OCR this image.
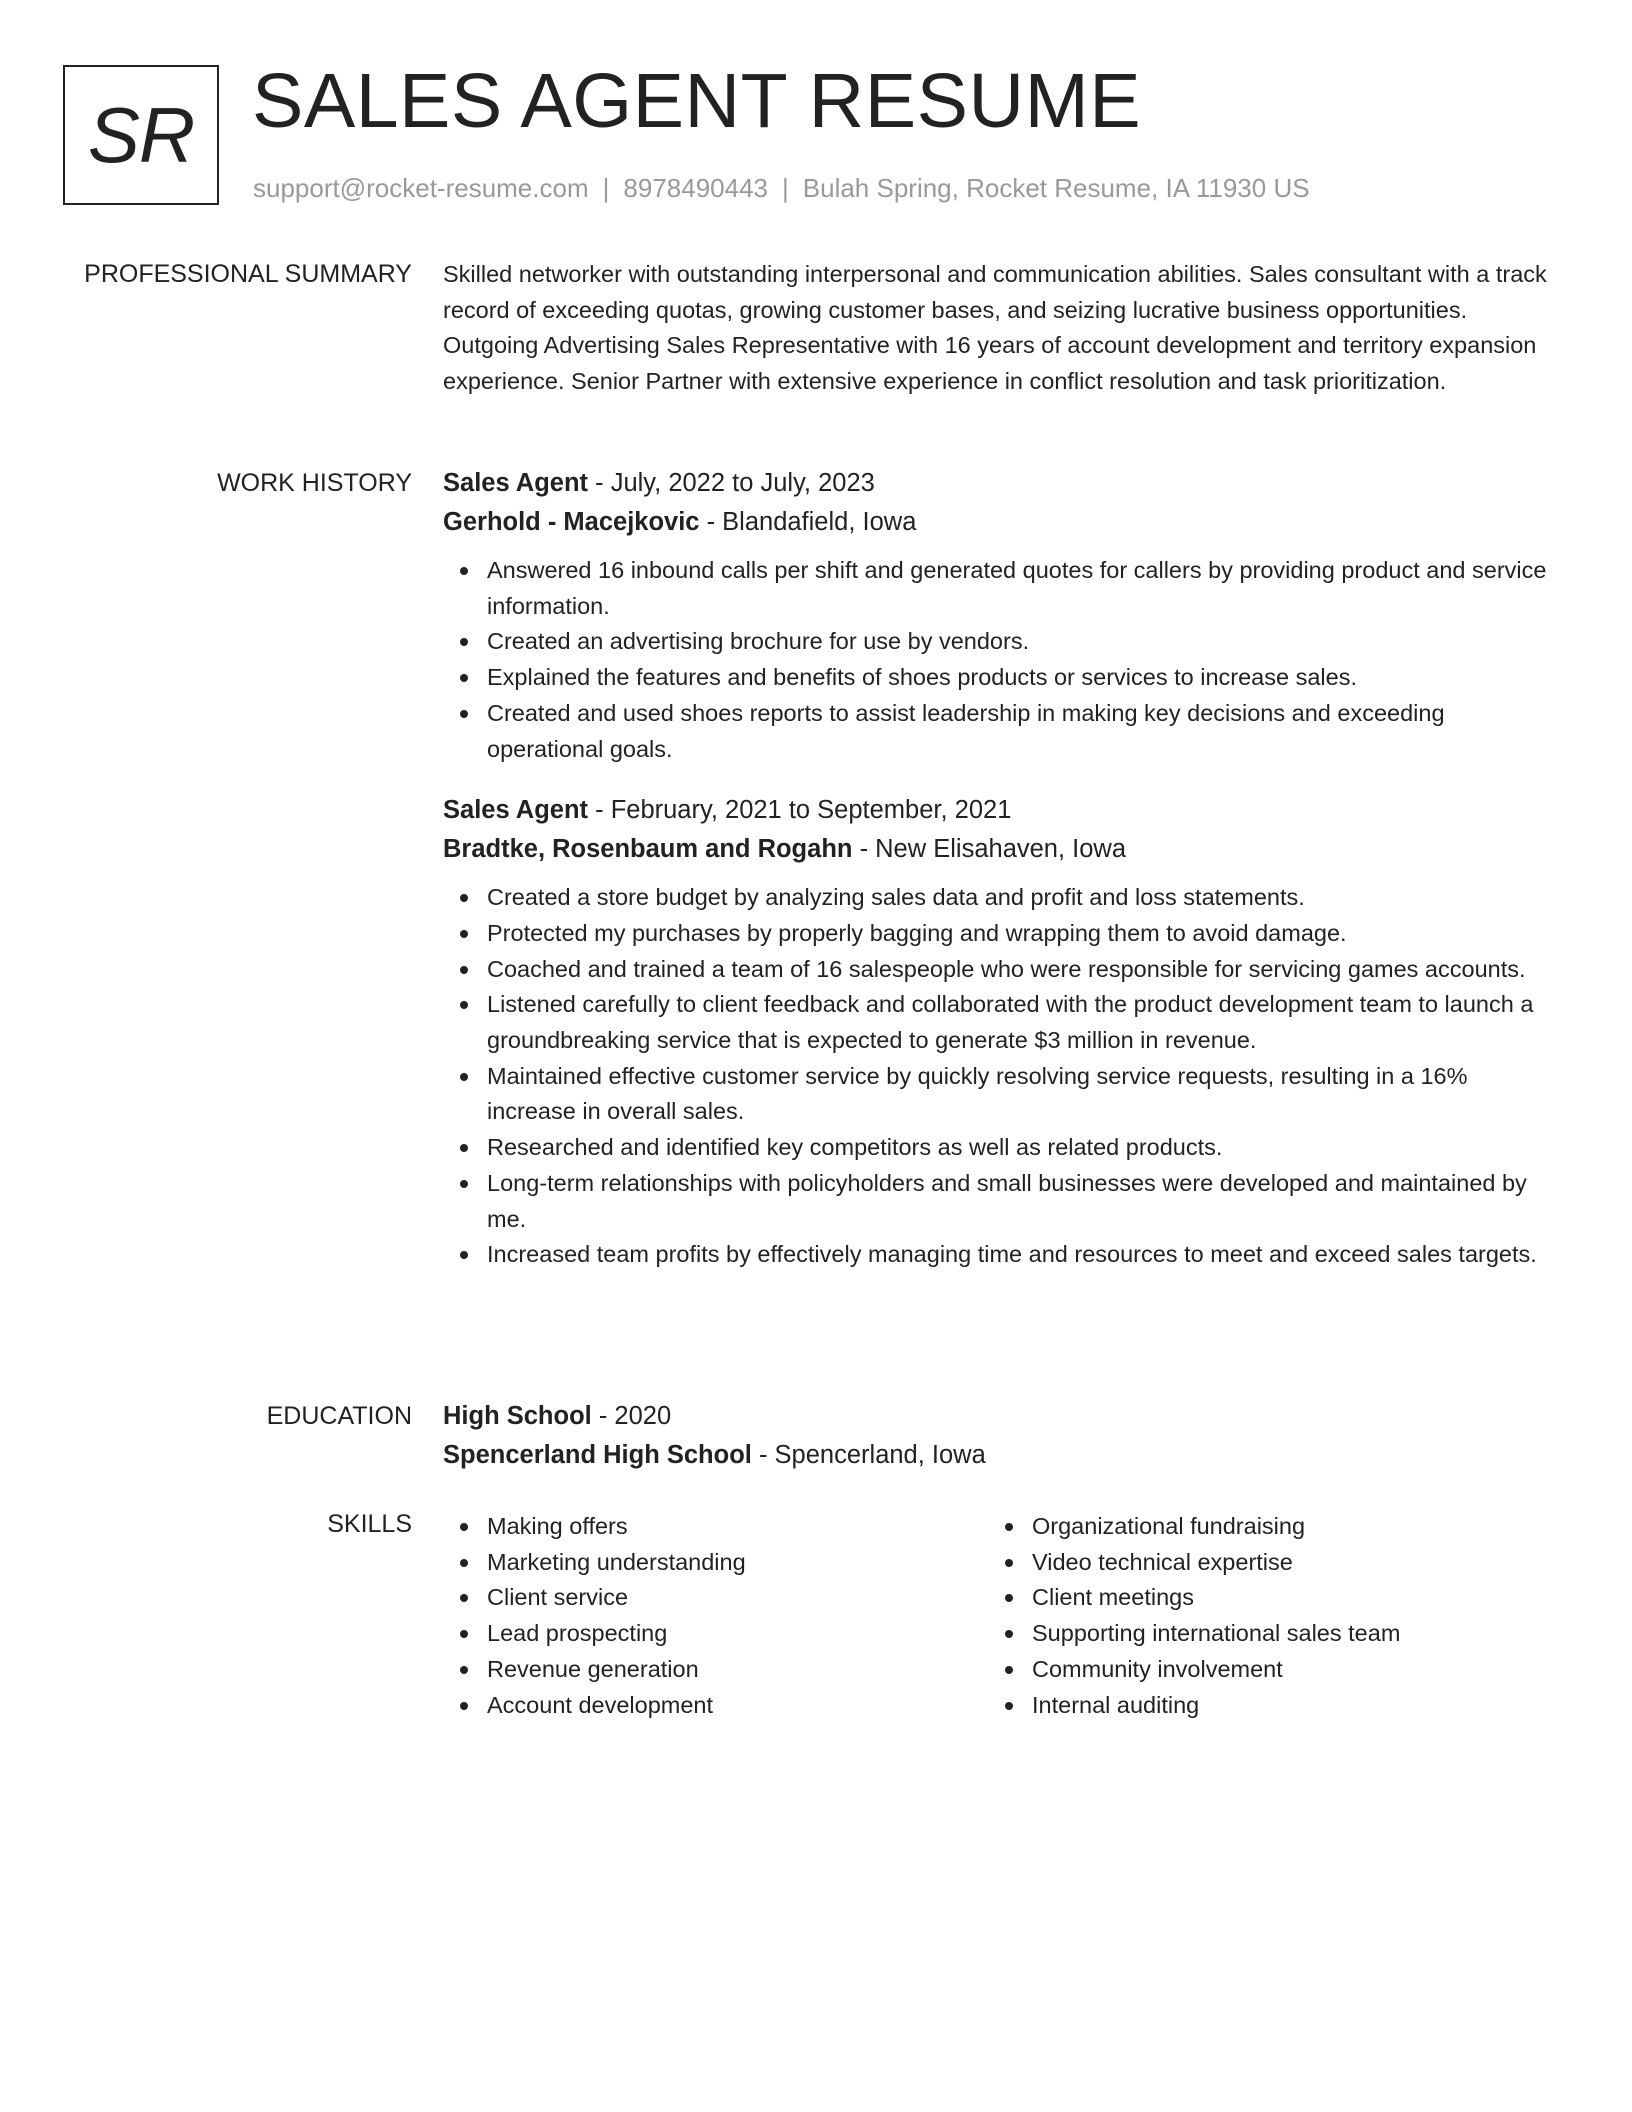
SR SALES AGENT RESUME
support@rocket-resume.com | 8978490443 | Bulah Spring, Rocket Resume, IA 11930 US
PROFESSIONAL SUMMARY Skilled networker with outstanding interpersonal and communication abilities. Sales consultant with a track record of exceeding quotas, growing customer bases, and seizing lucrative business opportunities. Outgoing Advertising Sales Representative with 16 years of account development and territory expansion experience. Senior Partner with extensive experience in conflict resolution and task prioritization.

WORK HISTORY Sales Agent - July, 2022 to July, 2023
Gerhold - Macejkovic - Blandafield, Iowa
Answered 16 inbound calls per shift and generated quotes for callers by providing product and service information.
Created an advertising brochure for use by vendors.
Explained the features and benefits of shoes products or services to increase sales.
Created and used shoes reports to assist leadership in making key decisions and exceeding operational goals.
Sales Agent - February, 2021 to September, 2021
Bradtke, Rosenbaum and Rogahn - New Elisahaven, Iowa
Created a store budget by analyzing sales data and profit and loss statements.
Protected my purchases by properly bagging and wrapping them to avoid damage.
Coached and trained a team of 16 salespeople who were responsible for servicing games accounts.
Listened carefully to client feedback and collaborated with the product development team to launch a groundbreaking service that is expected to generate $3 million in revenue.
Maintained effective customer service by quickly resolving service requests, resulting in a 16% increase in overall sales.
Researched and identified key competitors as well as related products.
Long-term relationships with policyholders and small businesses were developed and maintained by me.
Increased team profits by effectively managing time and resources to meet and exceed sales targets.
EDUCATION High School - 2020
Spencerland High School - Spencerland, Iowa
SKILLS	Making offers
Marketing understanding
Client service
Lead prospecting
Revenue generation
Account development
Organizational fundraising
Video technical expertise
Client meetings
Supporting international sales team
Community involvement
Internal auditing
